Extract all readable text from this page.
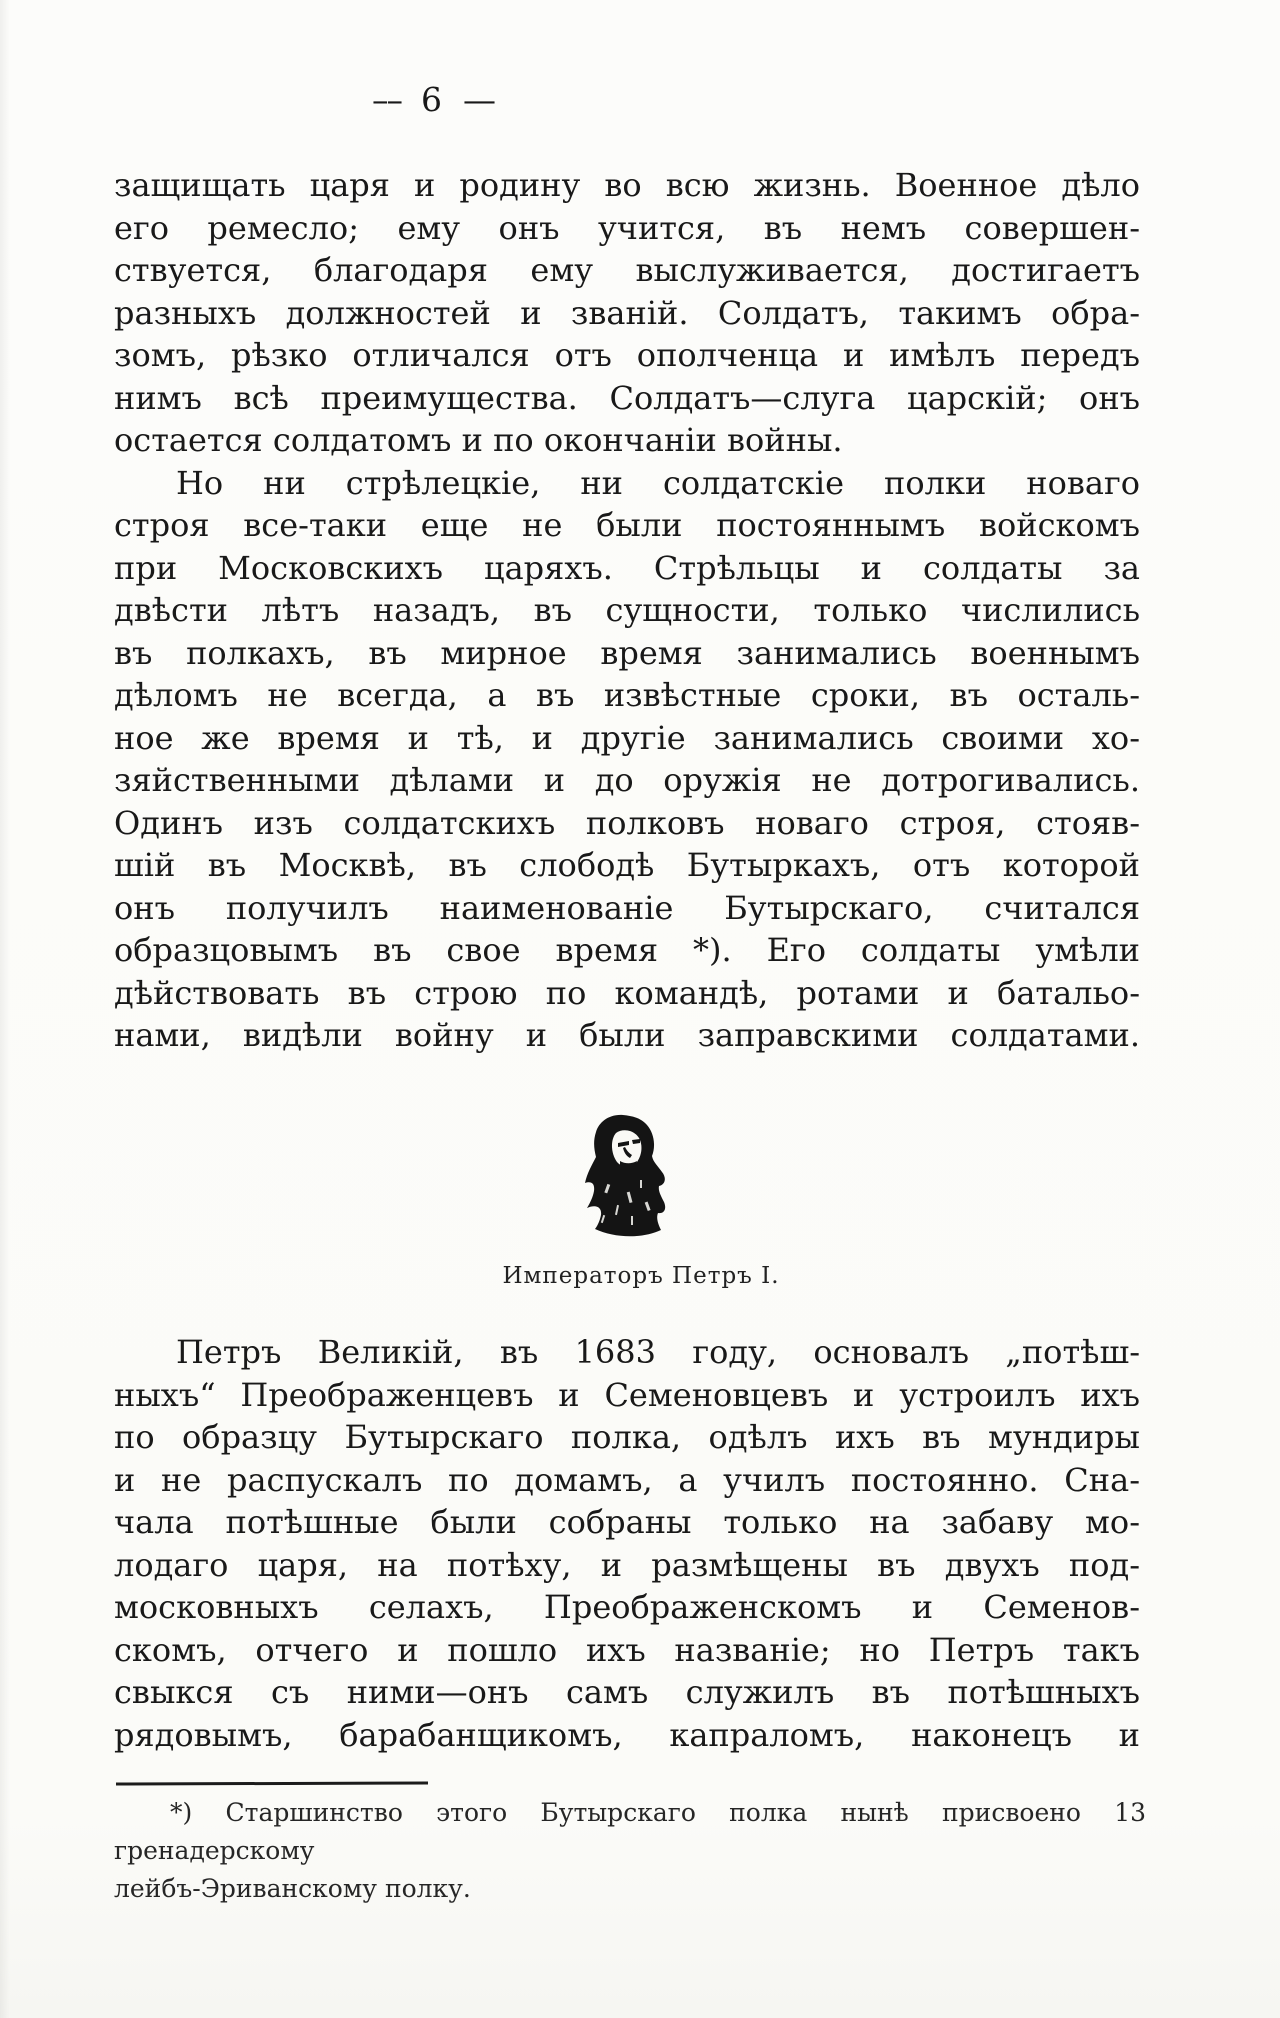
–– 6 —
защищать царя и родину во всю жизнь. Военное дѣло
его ремесло; ему онъ учится, въ немъ совершен-
ствуется, благодаря ему выслуживается, достигаетъ
разныхъ должностей и званій. Солдатъ, такимъ обра-
зомъ, рѣзко отличался отъ ополченца и имѣлъ передъ
нимъ всѣ преимущества. Солдатъ—слуга царскій; онъ
остается солдатомъ и по окончаніи войны.
Но ни стрѣлецкіе, ни солдатскіе полки новаго
строя все-таки еще не были постояннымъ войскомъ
при Московскихъ царяхъ. Стрѣльцы и солдаты за
двѣсти лѣтъ назадъ, въ сущности, только числились
въ полкахъ, въ мирное время занимались военнымъ
дѣломъ не всегда, а въ извѣстные сроки, въ осталь-
ное же время и тѣ, и другіе занимались своими хо-
зяйственными дѣлами и до оружія не дотрогивались.
Одинъ изъ солдатскихъ полковъ новаго строя, стояв-
шій въ Москвѣ, въ слободѣ Бутыркахъ, отъ которой
онъ получилъ наименованіе Бутырскаго, считался
образцовымъ въ свое время *). Его солдаты умѣли
дѣйствовать въ строю по командѣ, ротами и батальо-
нами, видѣли войну и были заправскими солдатами.
Императоръ Петръ I.
Петръ Великій, въ 1683 году, основалъ „потѣш-
ныхъ“ Преображенцевъ и Семеновцевъ и устроилъ ихъ
по образцу Бутырскаго полка, одѣлъ ихъ въ мундиры
и не распускалъ по домамъ, а училъ постоянно. Сна-
чала потѣшные были собраны только на забаву мо-
лодаго царя, на потѣху, и размѣщены въ двухъ под-
московныхъ селахъ, Преображенскомъ и Семенов-
скомъ, отчего и пошло ихъ названіе; но Петръ такъ
свыкся съ ними—онъ самъ служилъ въ потѣшныхъ
рядовымъ, барабанщикомъ, капраломъ, наконецъ и
*) Старшинство этого Бутырскаго полка нынѣ присвоено 13 гренадерскому
лейбъ-Эриванскому полку.
